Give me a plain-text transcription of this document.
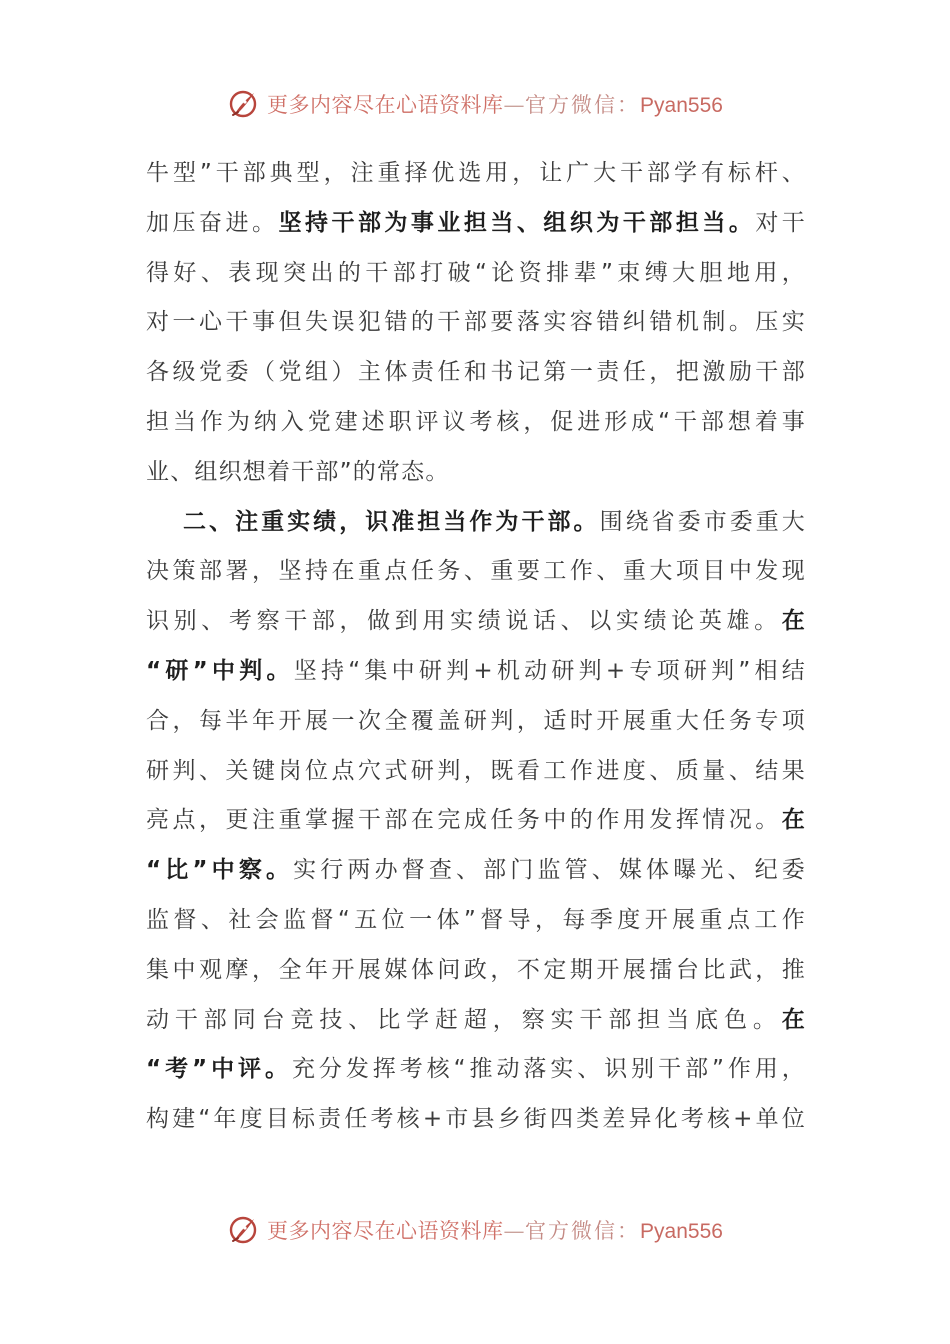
更多内容尽在心语资料库—官方微信：Pyan556
牛型”干部典型，注重择优选用，让广大干部学有标杆、
加压奋进。坚持干部为事业担当、组织为干部担当。对干
得好、表现突出的干部打破“论资排辈”束缚大胆地用，
对一心干事但失误犯错的干部要落实容错纠错机制。压实
各级党委（党组）主体责任和书记第一责任，把激励干部
担当作为纳入党建述职评议考核，促进形成“干部想着事
业、组织想着干部”的常态。
二、注重实绩，识准担当作为干部。围绕省委市委重大
决策部署，坚持在重点任务、重要工作、重大项目中发现
识别、考察干部，做到用实绩说话、以实绩论英雄。在
“研”中判。坚持“集中研判+机动研判+专项研判”相结
合，每半年开展一次全覆盖研判，适时开展重大任务专项
研判、关键岗位点穴式研判，既看工作进度、质量、结果
亮点，更注重掌握干部在完成任务中的作用发挥情况。在
“比”中察。实行两办督查、部门监管、媒体曝光、纪委
监督、社会监督“五位一体”督导，每季度开展重点工作
集中观摩，全年开展媒体问政，不定期开展擂台比武，推
动干部同台竞技、比学赶超，察实干部担当底色。在
“考”中评。充分发挥考核“推动落实、识别干部”作用，
构建“年度目标责任考核+市县乡街四类差异化考核+单位
更多内容尽在心语资料库—官方微信：Pyan556
